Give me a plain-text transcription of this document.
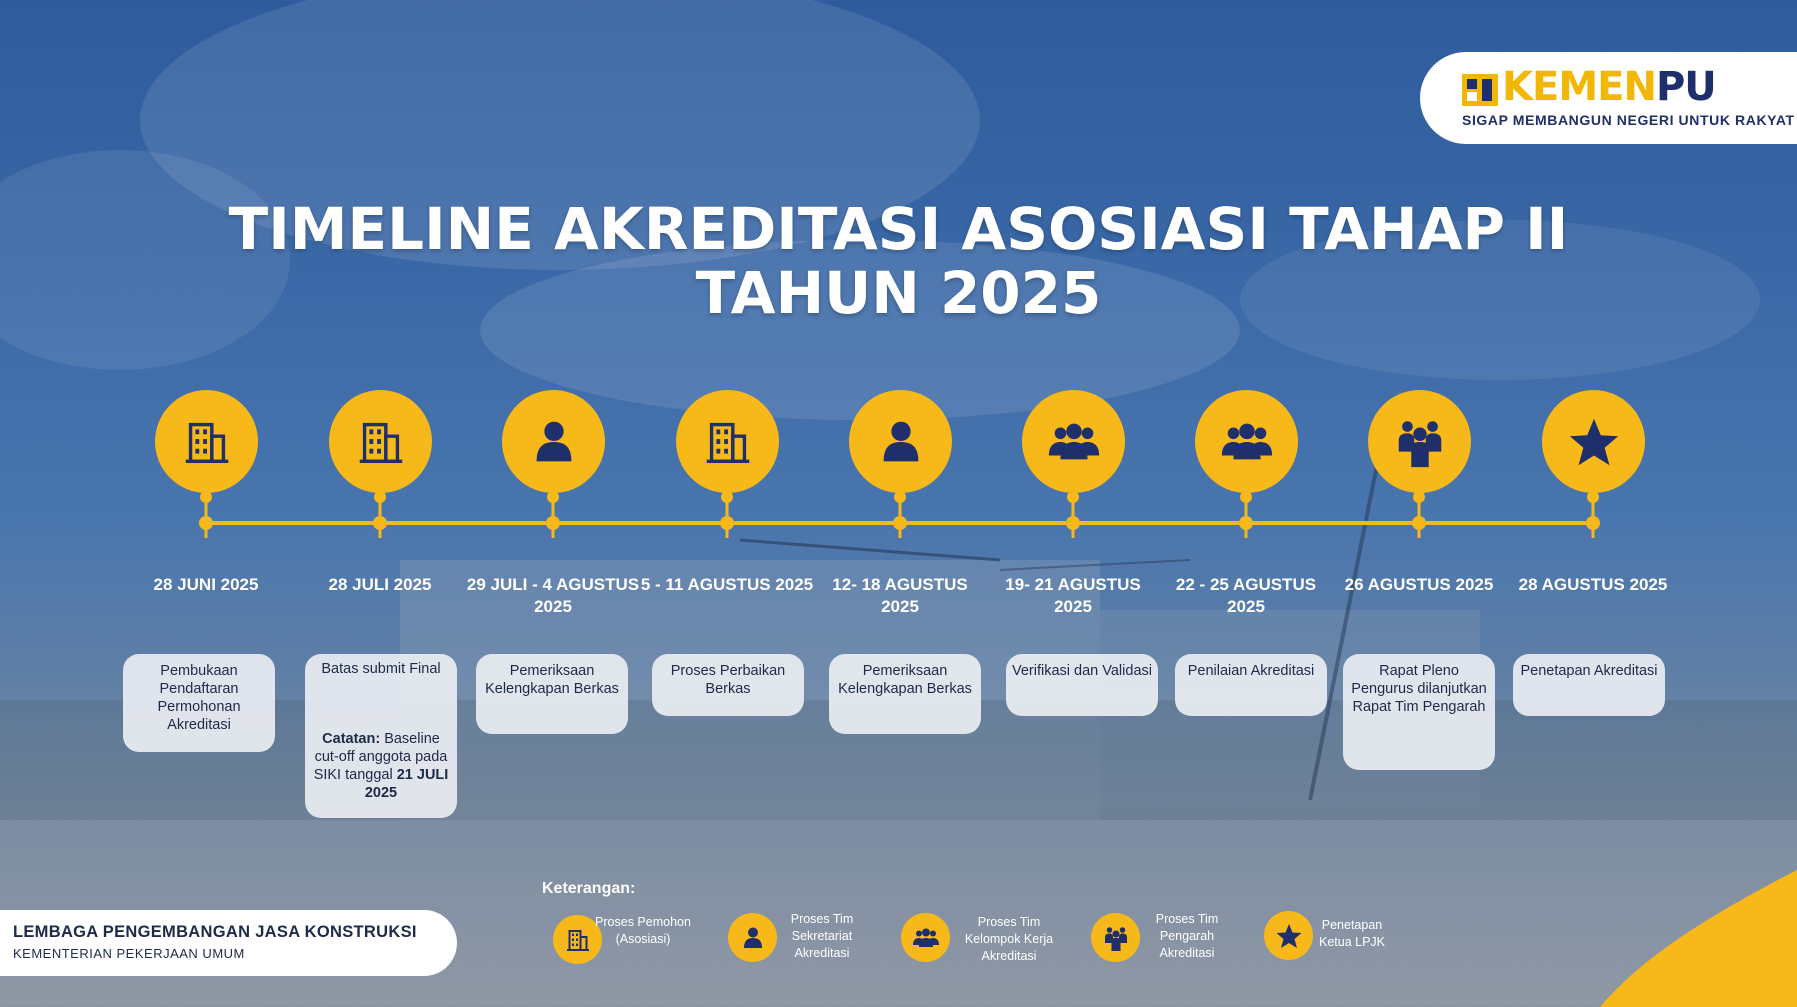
KEMENPU
SIGAP MEMBANGUN NEGERI UNTUK RAKYAT
TIMELINE AKREDITASI ASOSIASI TAHAP II
TAHUN 2025
28 JUNI 2025
Pembukaan Pendaftaran Permohonan Akreditasi
28 JULI 2025
Batas submit Final
Catatan: Baseline cut-off anggota pada SIKI tanggal 21 JULI 2025
29 JULI - 4 AGUSTUS 2025
Pemeriksaan Kelengkapan Berkas
5 - 11 AGUSTUS 2025
Proses Perbaikan Berkas
12- 18 AGUSTUS 2025
Pemeriksaan Kelengkapan Berkas
19- 21 AGUSTUS 2025
Verifikasi dan Validasi
22 - 25 AGUSTUS 2025
Penilaian Akreditasi
26 AGUSTUS 2025
Rapat Pleno Pengurus dilanjutkan Rapat Tim Pengarah
28 AGUSTUS 2025
Penetapan Akreditasi
LEMBAGA PENGEMBANGAN JASA KONSTRUKSI
KEMENTERIAN PEKERJAAN UMUM
Keterangan:
Proses Pemohon (Asosiasi)
Proses Tim Sekretariat Akreditasi
Proses Tim Kelompok Kerja Akreditasi
Proses Tim Pengarah Akreditasi
Penetapan Ketua LPJK
